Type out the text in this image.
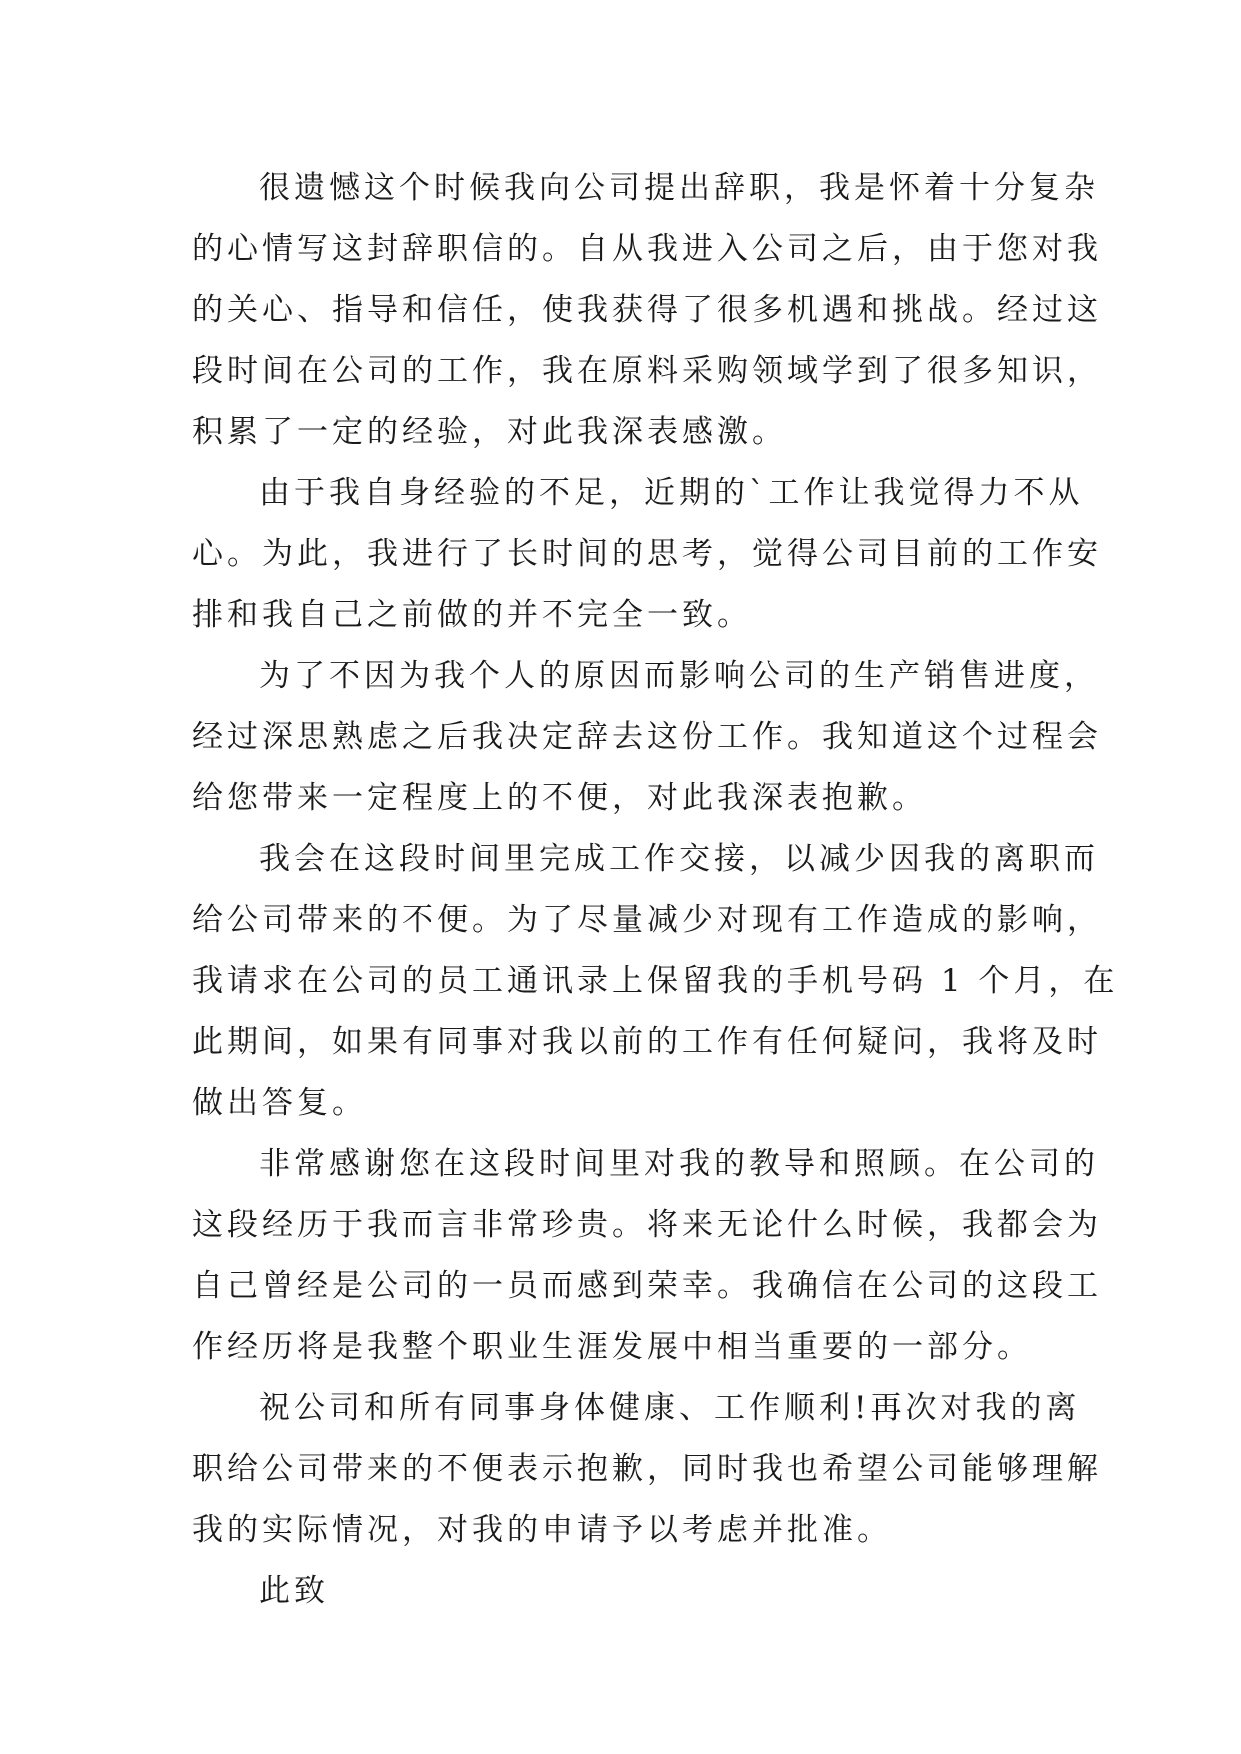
很遗憾这个时候我向公司提出辞职，我是怀着十分复杂
的心情写这封辞职信的。自从我进入公司之后，由于您对我
的关心、指导和信任，使我获得了很多机遇和挑战。经过这
段时间在公司的工作，我在原料采购领域学到了很多知识，
积累了一定的经验，对此我深表感激。
由于我自身经验的不足，近期的`工作让我觉得力不从
心。为此，我进行了长时间的思考，觉得公司目前的工作安
排和我自己之前做的并不完全一致。
为了不因为我个人的原因而影响公司的生产销售进度，
经过深思熟虑之后我决定辞去这份工作。我知道这个过程会
给您带来一定程度上的不便，对此我深表抱歉。
我会在这段时间里完成工作交接，以减少因我的离职而
给公司带来的不便。为了尽量减少对现有工作造成的影响，
我请求在公司的员工通讯录上保留我的手机号码 1 个月，在
此期间，如果有同事对我以前的工作有任何疑问，我将及时
做出答复。
非常感谢您在这段时间里对我的教导和照顾。在公司的
这段经历于我而言非常珍贵。将来无论什么时候，我都会为
自己曾经是公司的一员而感到荣幸。我确信在公司的这段工
作经历将是我整个职业生涯发展中相当重要的一部分。
祝公司和所有同事身体健康、工作顺利!再次对我的离
职给公司带来的不便表示抱歉，同时我也希望公司能够理解
我的实际情况，对我的申请予以考虑并批准。
此致
